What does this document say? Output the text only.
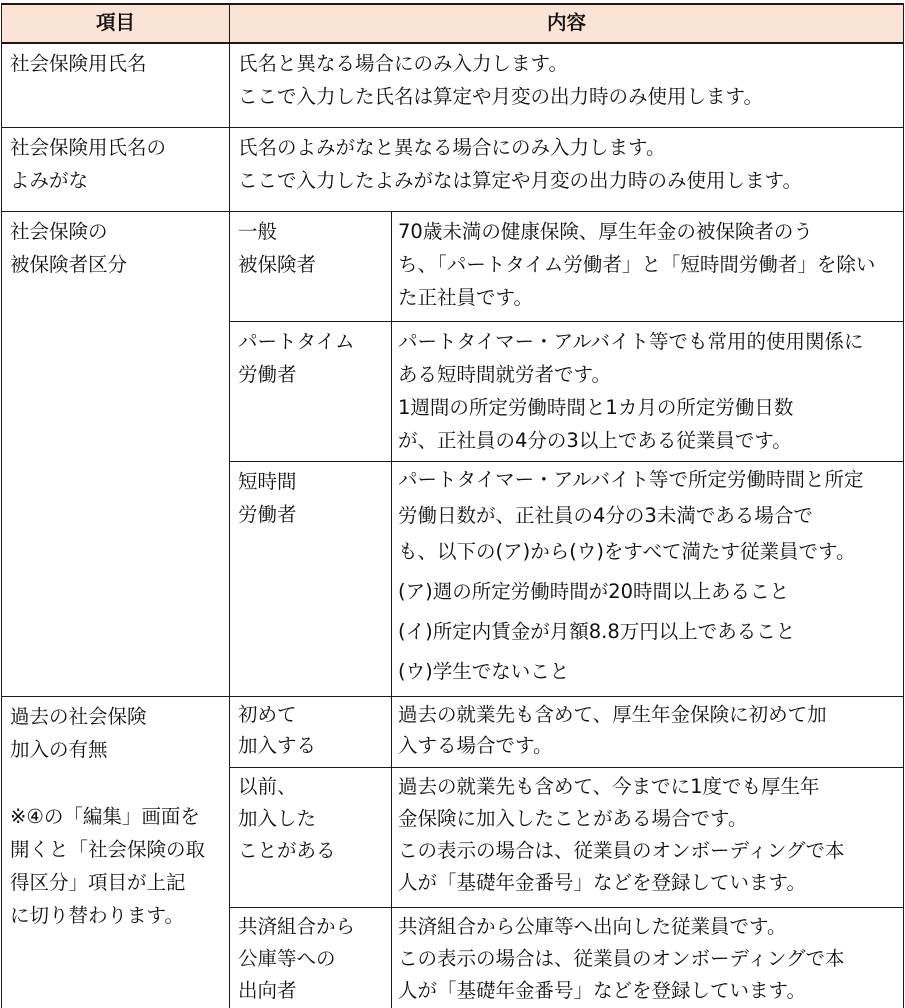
項目	内容
社会保険用氏名	氏名と異なる場合にのみ入力します。
ここで入力した氏名は算定や月変の出力時のみ使用します。
社会保険用氏名の
よみがな
氏名のよみがなと異なる場合にのみ入力します。
ここで入力したよみがなは算定や月変の出力時のみ使用します。
社会保険の
被保険者区分
一般
被保険者
70歳未満の健康保険、厚生年金の被保険者のう
ち、「パートタイム労働者」と「短時間労働者」を除い
た正社員です。
パートタイム
労働者
パートタイマー・アルバイト等でも常用的使用関係に
ある短時間就労者です。
1週間の所定労働時間と1カ月の所定労働日数
が、正社員の4分の3以上である従業員です。
短時間
労働者
パートタイマー・アルバイト等で所定労働時間と所定
労働日数が、正社員の4分の3未満である場合で
も、以下の(ア)から(ウ)をすべて満たす従業員です。
(ア)週の所定労働時間が20時間以上あること
(イ)所定内賃金が月額8.8万円以上であること
(ウ)学生でないこと
過去の社会保険
加入の有無
※④の「編集」画面を
開くと「社会保険の取
得区分」項目が上記
に切り替わります。
初めて
加入する
過去の就業先も含めて、厚生年金保険に初めて加
入する場合です。
以前、
加入した
ことがある
過去の就業先も含めて、今までに1度でも厚生年
金保険に加入したことがある場合です。
この表示の場合は、従業員のオンボーディングで本
人が「基礎年金番号」などを登録しています。
共済組合から
公庫等への
出向者
共済組合から公庫等へ出向した従業員です。
この表示の場合は、従業員のオンボーディングで本
人が「基礎年金番号」などを登録しています。
